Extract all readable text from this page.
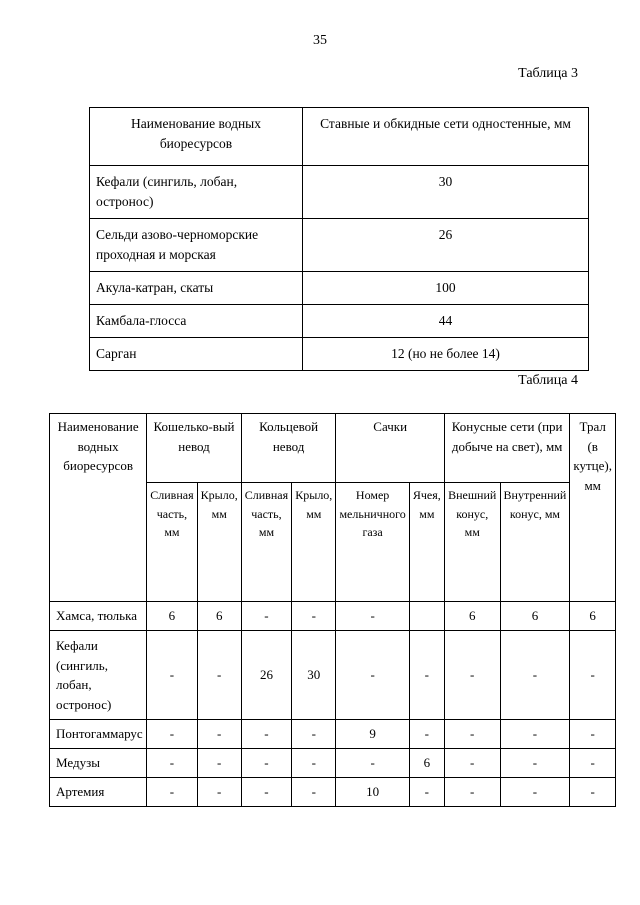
35
Таблица 3
Наименование водных биоресурсов	Ставные и обкидные сети одностенные, мм
Кефали (сингиль, лобан, остронос)	30
Сельди азово-черноморские проходная и морская	26
Акула-катран, скаты	100
Камбала-глосса	44
Сарган	12 (но не более 14)
Таблица 4
Наименование водных биоресурсов	Кошелько-вый невод		Кольцевой невод		Сачки		Конусные сети (при добыче на свет), мм		Трал (в кутце), мм
	Сливная часть, мм	Крыло, мм	Сливная часть, мм	Крыло, мм	Номер мельничного газа	Ячея, мм	Внешний конус, мм	Внутренний конус, мм	
Хамса, тюлька	6	6	-	-	-		6	6	6
Кефали (сингиль, лобан, остронос)	-	-	26	30	-	-	-	-	-
Понтогаммарус	-	-	-	-	9	-	-	-	-
Медузы	-	-	-	-	-	6	-	-	-
Артемия	-	-	-	-	10	-	-	-	-
